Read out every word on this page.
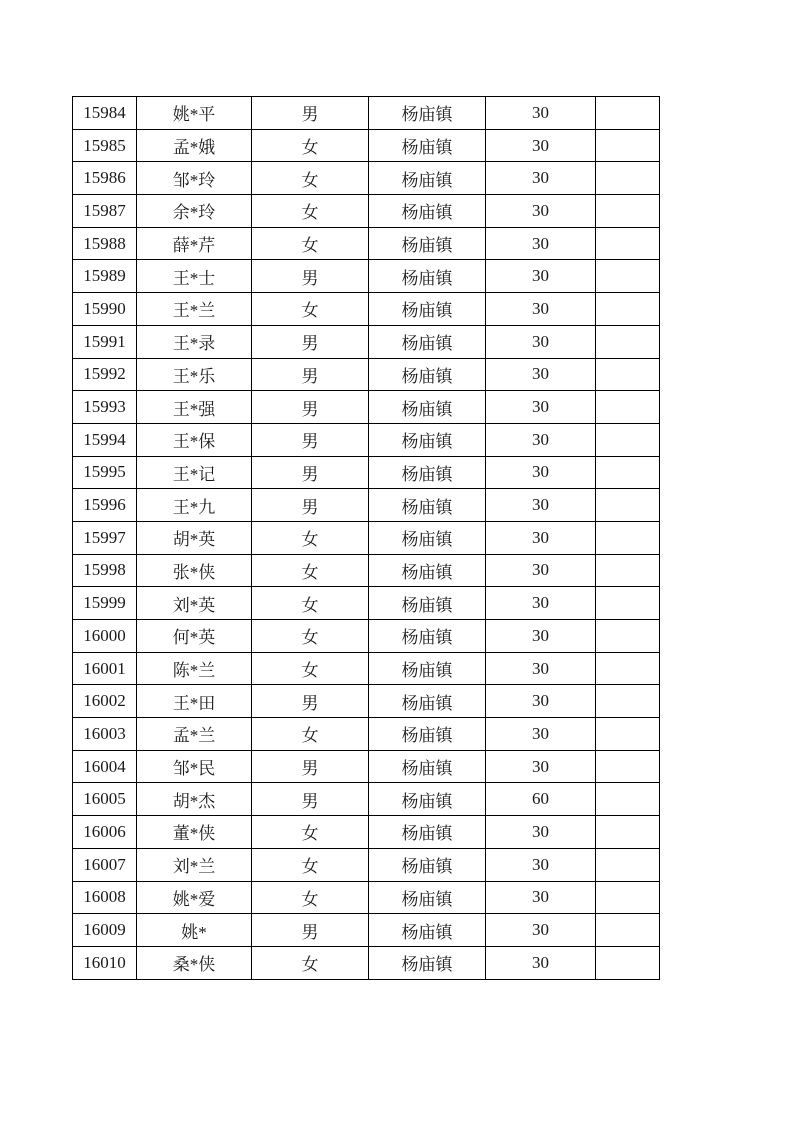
15984	姚*平	男	杨庙镇	30	
15985	孟*娥	女	杨庙镇	30	
15986	邹*玲	女	杨庙镇	30	
15987	余*玲	女	杨庙镇	30	
15988	薛*芹	女	杨庙镇	30	
15989	王*士	男	杨庙镇	30	
15990	王*兰	女	杨庙镇	30	
15991	王*录	男	杨庙镇	30	
15992	王*乐	男	杨庙镇	30	
15993	王*强	男	杨庙镇	30	
15994	王*保	男	杨庙镇	30	
15995	王*记	男	杨庙镇	30	
15996	王*九	男	杨庙镇	30	
15997	胡*英	女	杨庙镇	30	
15998	张*侠	女	杨庙镇	30	
15999	刘*英	女	杨庙镇	30	
16000	何*英	女	杨庙镇	30	
16001	陈*兰	女	杨庙镇	30	
16002	王*田	男	杨庙镇	30	
16003	孟*兰	女	杨庙镇	30	
16004	邹*民	男	杨庙镇	30	
16005	胡*杰	男	杨庙镇	60	
16006	董*侠	女	杨庙镇	30	
16007	刘*兰	女	杨庙镇	30	
16008	姚*爱	女	杨庙镇	30	
16009	姚*	男	杨庙镇	30	
16010	桑*侠	女	杨庙镇	30	
